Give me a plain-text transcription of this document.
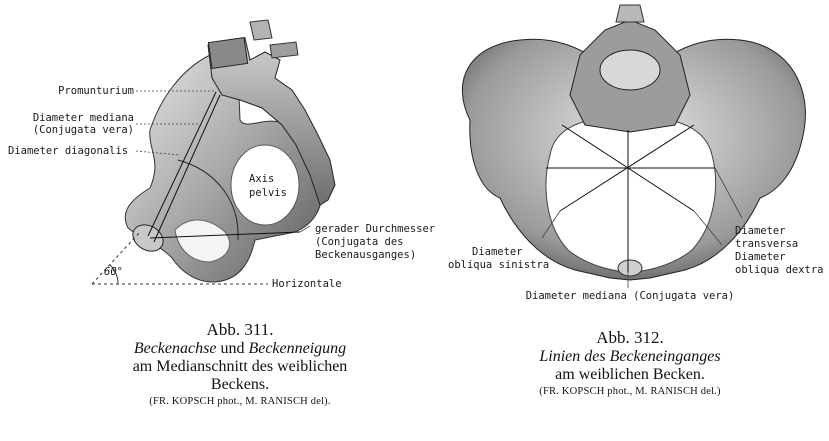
Promunturium
Diameter mediana
(Conjugata vera)
Diameter diagonalis
Axis
pelvis
gerader Durchmesser
(Conjugata des
Beckenausganges)
Horizontale
60°
Abb. 311.
Beckenachse und Beckenneigung
am Medianschnitt des weiblichen
Beckens.
(FR. KOPSCH phot., M. RANISCH del).
Diameter
transversa
Diameter
obliqua dextra
Diameter
obliqua sinistra
Diameter mediana (Conjugata vera)
Abb. 312.
Linien des Beckeneinganges
am weiblichen Becken.
(FR. KOPSCH phot., M. RANISCH del.)
